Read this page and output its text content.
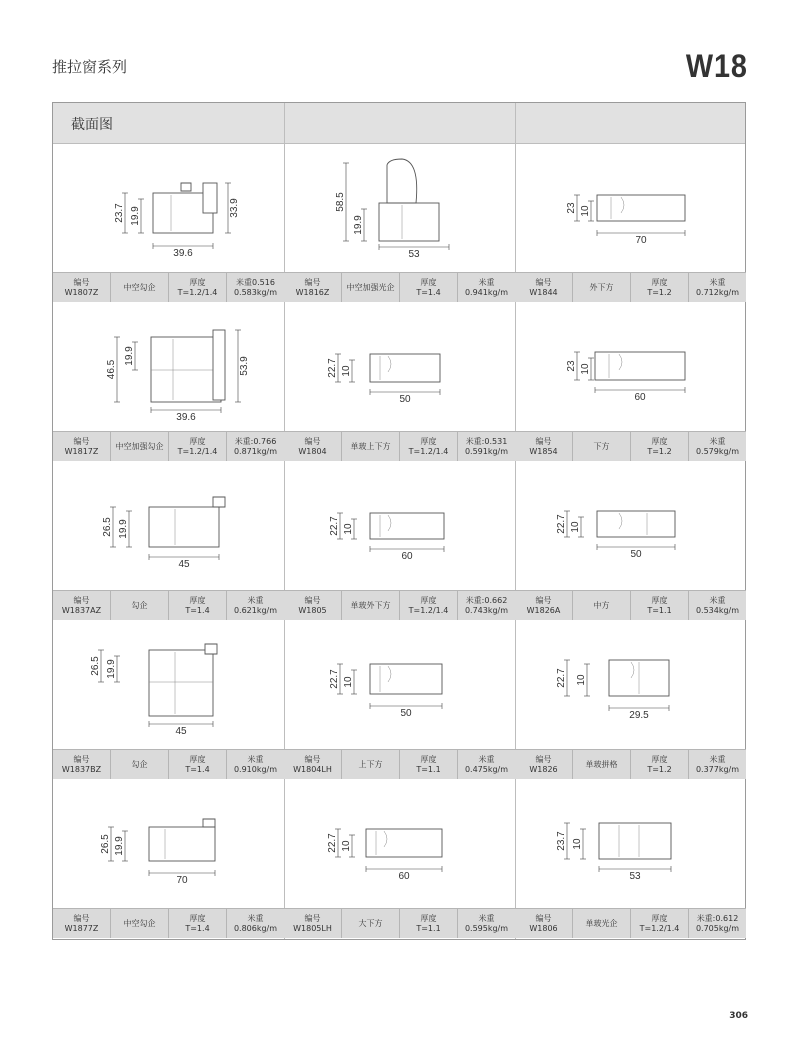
推拉窗系列	W18
截面图
23.7 19.9	33.9
39.6
编号
W1807Z
中空勾企
厚度
T=1.2/1.4
米重0.516
0.583kg/m
58.5
19.9
53
编号
W1816Z
中空加强光企
厚度
T=1.4
米重
0.941kg/m
23 10
70
编号
W1844
外下方
厚度
T=1.2
米重
0.712kg/m
46.5
19.9
53.9
39.6
编号
W1817Z
中空加强勾企
厚度
T=1.2/1.4
米重:0.766
0.871kg/m
22.7 10
50
编号
W1804
单玻上下方
厚度
T=1.2/1.4
米重:0.531
0.591kg/m
23 10
60
编号
W1854
下方
厚度
T=1.2
米重
0.579kg/m
26.5 19.9
45
编号
W1837AZ
勾企
厚度
T=1.4
米重
0.621kg/m
22.7 10
60
编号
W1805
单玻外下方
厚度
T=1.2/1.4
米重:0.662
0.743kg/m
22.7 10
50
编号
W1826A
中方
厚度
T=1.1
米重
0.534kg/m
26.5 19.9
45
编号
W1837BZ
勾企
厚度
T=1.4
米重
0.910kg/m
22.7 10
50
编号
W1804LH
上下方
厚度
T=1.1
米重
0.475kg/m
22.7 10
29.5
编号
W1826
单玻拼格
厚度
T=1.2
米重
0.377kg/m
26.5 19.9
70
编号
W1877Z
中空勾企
厚度
T=1.4
米重
0.806kg/m
22.7 10
60
编号
W1805LH
大下方
厚度
T=1.1
米重
0.595kg/m
23.7 10
53
编号
W1806
单玻光企
厚度
T=1.2/1.4
米重:0.612
0.705kg/m
306
